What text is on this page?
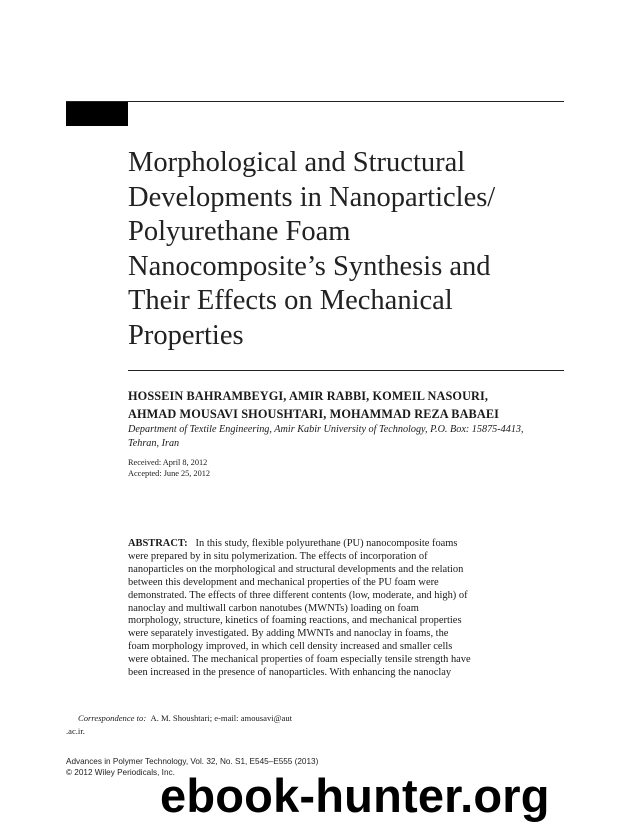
Morphological and Structural
Developments in Nanoparticles/
Polyurethane Foam
Nanocomposite’s Synthesis and
Their Effects on Mechanical
Properties
HOSSEIN BAHRAMBEYGI, AMIR RABBI, KOMEIL NASOURI,
AHMAD MOUSAVI SHOUSHTARI, MOHAMMAD REZA BABAEI
Department of Textile Engineering, Amir Kabir University of Technology, P.O. Box: 15875-4413,
Tehran, Iran
Received: April 8, 2012
Accepted: June 25, 2012
ABSTRACT: In this study, flexible polyurethane (PU) nanocomposite foams
were prepared by in situ polymerization. The effects of incorporation of
nanoparticles on the morphological and structural developments and the relation
between this development and mechanical properties of the PU foam were
demonstrated. The effects of three different contents (low, moderate, and high) of
nanoclay and multiwall carbon nanotubes (MWNTs) loading on foam
morphology, structure, kinetics of foaming reactions, and mechanical properties
were separately investigated. By adding MWNTs and nanoclay in foams, the
foam morphology improved, in which cell density increased and smaller cells
were obtained. The mechanical properties of foam especially tensile strength have
been increased in the presence of nanoparticles. With enhancing the nanoclay
Correspondence to: A. M. Shoushtari; e-mail: amousavi@aut
.ac.ir.
Advances in Polymer Technology, Vol. 32, No. S1, E545–E555 (2013)
© 2012 Wiley Periodicals, Inc.
ebook-hunter.org
